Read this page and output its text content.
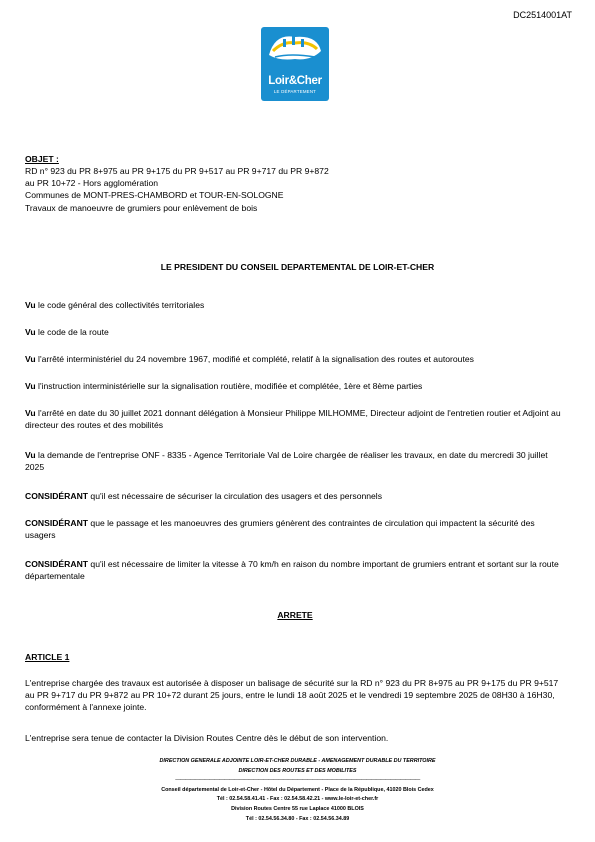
DC2514001AT
Loir&Cher
LE DÉPARTEMENT
OBJET :
RD n° 923 du PR 8+975 au PR 9+175 du PR 9+517 au PR 9+717 du PR 9+872
au PR 10+72 - Hors agglomération
Communes de MONT-PRES-CHAMBORD et TOUR-EN-SOLOGNE
Travaux de manoeuvre de grumiers pour enlèvement de bois
LE PRESIDENT DU CONSEIL DEPARTEMENTAL DE LOIR-ET-CHER
Vu le code général des collectivités territoriales
Vu le code de la route
Vu l'arrêté interministériel du 24 novembre 1967, modifié et complété, relatif à la signalisation des routes et autoroutes
Vu l'instruction interministérielle sur la signalisation routière, modifiée et complétée, 1ère et 8ème parties
Vu l'arrêté en date du 30 juillet 2021 donnant délégation à Monsieur Philippe MILHOMME, Directeur adjoint de l'entretien routier et Adjoint au directeur des routes et des mobilités
Vu la demande de l'entreprise ONF - 8335 - Agence Territoriale Val de Loire chargée de réaliser les travaux, en date du mercredi 30 juillet 2025
CONSIDÉRANT qu'il est nécessaire de sécuriser la circulation des usagers et des personnels
CONSIDÉRANT que le passage et les manoeuvres des grumiers génèrent des contraintes de circulation qui impactent la sécurité des usagers
CONSIDÉRANT qu'il est nécessaire de limiter la vitesse à 70 km/h en raison du nombre important de grumiers entrant et sortant sur la route départementale
ARRETE
ARTICLE 1
L'entreprise chargée des travaux est autorisée à disposer un balisage de sécurité sur la RD n° 923 du PR 8+975 au PR 9+175 du PR 9+517 au PR 9+717 du PR 9+872 au PR 10+72 durant 25 jours, entre le lundi 18 août 2025 et le vendredi 19 septembre 2025 de 08H30 à 16H30, conformément à l'annexe jointe.
L'entreprise sera tenue de contacter la Division Routes Centre dès le début de son intervention.
DIRECTION GENERALE ADJOINTE LOIR-ET-CHER DURABLE - AMENAGEMENT DURABLE DU TERRITOIRE
DIRECTION DES ROUTES ET DES MOBILITES
——————————————————————————————————————————————————
Conseil départemental de Loir-et-Cher - Hôtel du Département - Place de la République, 41020 Blois Cedex
Tél : 02.54.58.41.41 - Fax : 02.54.58.42.21 - www.le-loir-et-cher.fr
Division Routes Centre 55 rue Laplace 41000 BLOIS
Tél : 02.54.56.34.80 - Fax : 02.54.56.34.89
